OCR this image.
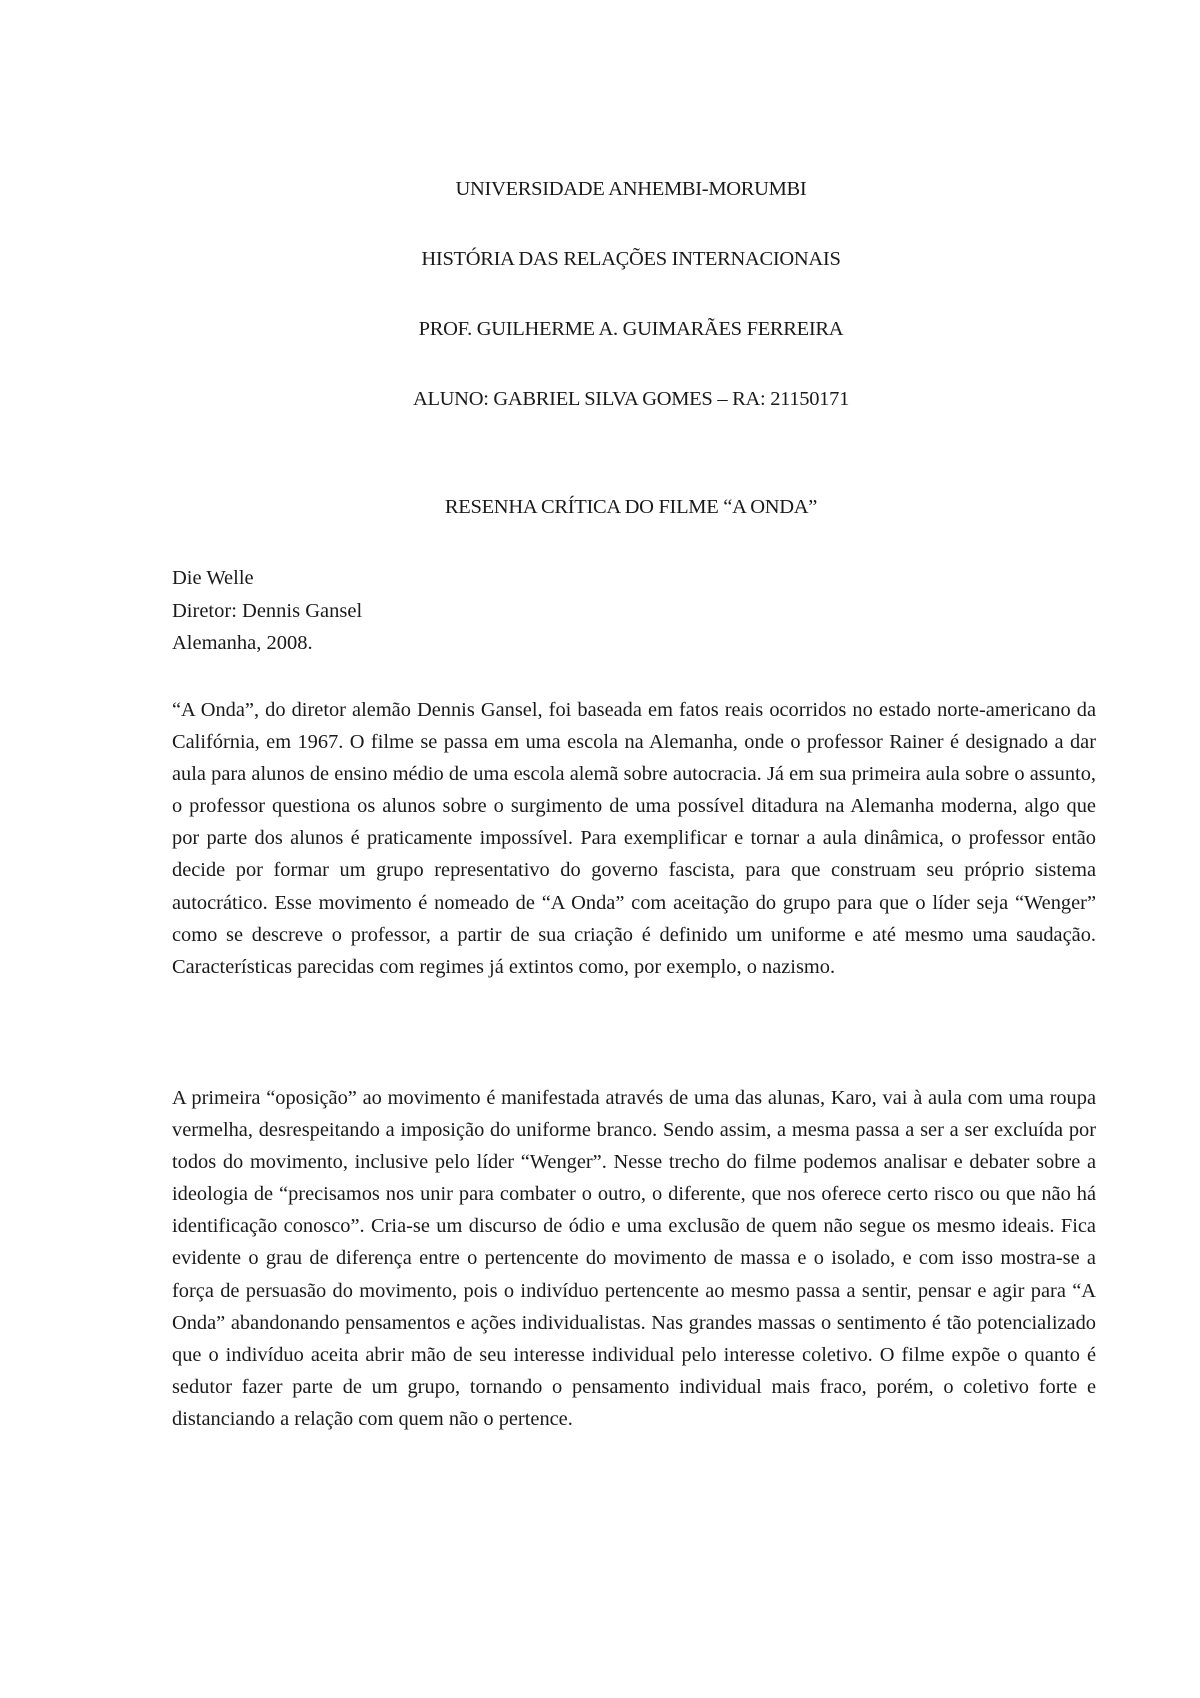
UNIVERSIDADE ANHEMBI-MORUMBI
HISTÓRIA DAS RELAÇÕES INTERNACIONAIS
PROF. GUILHERME A. GUIMARÃES FERREIRA
ALUNO: GABRIEL SILVA GOMES – RA: 21150171
RESENHA CRÍTICA DO FILME “A ONDA”
Die Welle
Diretor: Dennis Gansel
Alemanha, 2008.

“A Onda”, do diretor alemão Dennis Gansel, foi baseada em fatos reais ocorridos no estado norte-americano da Califórnia, em 1967. O filme se passa em uma escola na Alemanha, onde o professor Rainer é designado a dar aula para alunos de ensino médio de uma escola alemã sobre autocracia. Já em sua primeira aula sobre o assunto, o professor questiona os alunos sobre o surgimento de uma possível ditadura na Alemanha moderna, algo que por parte dos alunos é praticamente impossível. Para exemplificar e tornar a aula dinâmica, o professor então decide por formar um grupo representativo do governo fascista, para que construam seu próprio sistema autocrático. Esse movimento é nomeado de “A Onda” com aceitação do grupo para que o líder seja “Wenger” como se descreve o professor, a partir de sua criação é definido um uniforme e até mesmo uma saudação. Características parecidas com regimes já extintos como, por exemplo, o nazismo.

A primeira “oposição” ao movimento é manifestada através de uma das alunas, Karo, vai à aula com uma roupa vermelha, desrespeitando a imposição do uniforme branco. Sendo assim, a mesma passa a ser a ser excluída por todos do movimento, inclusive pelo líder “Wenger”. Nesse trecho do filme podemos analisar e debater sobre a ideologia de “precisamos nos unir para combater o outro, o diferente, que nos oferece certo risco ou que não há identificação conosco”. Cria-se um discurso de ódio e uma exclusão de quem não segue os mesmo ideais. Fica evidente o grau de diferença entre o pertencente do movimento de massa e o isolado, e com isso mostra-se a força de persuasão do movimento, pois o indivíduo pertencente ao mesmo passa a sentir, pensar e agir para “A Onda” abandonando pensamentos e ações individualistas. Nas grandes massas o sentimento é tão potencializado que o indivíduo aceita abrir mão de seu interesse individual pelo interesse coletivo. O filme expõe o quanto é sedutor fazer parte de um grupo, tornando o pensamento individual mais fraco, porém, o coletivo forte e distanciando a relação com quem não o pertence.
